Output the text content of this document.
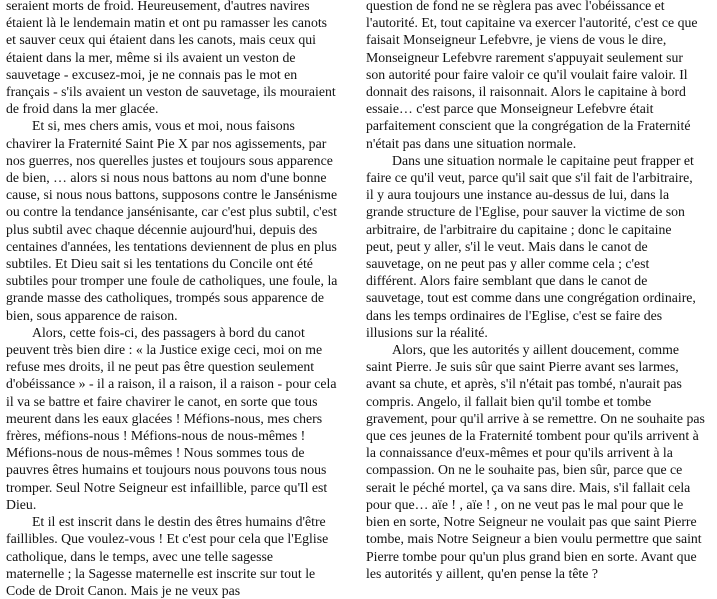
seraient morts de froid. Heureusement, d'autres navires
étaient là le lendemain matin et ont pu ramasser les canots
et sauver ceux qui étaient dans les canots, mais ceux qui
étaient dans la mer, même si ils avaient un veston de
sauvetage - excusez-moi, je ne connais pas le mot en
français - s'ils avaient un veston de sauvetage, ils mouraient
de froid dans la mer glacée.

Et si, mes chers amis, vous et moi, nous faisons
chavirer la Fraternité Saint Pie X par nos agissements, par
nos guerres, nos querelles justes et toujours sous apparence
de bien, … alors si nous nous battons au nom d'une bonne
cause, si nous nous battons, supposons contre le Jansénisme
ou contre la tendance jansénisante, car c'est plus subtil, c'est
plus subtil avec chaque décennie aujourd'hui, depuis des
centaines d'années, les tentations deviennent de plus en plus
subtiles. Et Dieu sait si les tentations du Concile ont été
subtiles pour tromper une foule de catholiques, une foule, la
grande masse des catholiques, trompés sous apparence de
bien, sous apparence de raison.

Alors, cette fois-ci, des passagers à bord du canot
peuvent très bien dire : « la Justice exige ceci, moi on me
refuse mes droits, il ne peut pas être question seulement
d'obéissance » - il a raison, il a raison, il a raison - pour cela
il va se battre et faire chavirer le canot, en sorte que tous
meurent dans les eaux glacées ! Méfions-nous, mes chers
frères, méfions-nous ! Méfions-nous de nous-mêmes !
Méfions-nous de nous-mêmes ! Nous sommes tous de
pauvres êtres humains et toujours nous pouvons tous nous
tromper. Seul Notre Seigneur est infaillible, parce qu'Il est
Dieu.

Et il est inscrit dans le destin des êtres humains d'être
faillibles. Que voulez-vous ! Et c'est pour cela que l'Eglise
catholique, dans le temps, avec une telle sagesse
maternelle ; la Sagesse maternelle est inscrite sur tout le
Code de Droit Canon. Mais je ne veux pas

question de fond ne se règlera pas avec l'obéissance et
l'autorité. Et, tout capitaine va exercer l'autorité, c'est ce que
faisait Monseigneur Lefebvre, je viens de vous le dire,
Monseigneur Lefebvre rarement s'appuyait seulement sur
son autorité pour faire valoir ce qu'il voulait faire valoir. Il
donnait des raisons, il raisonnait. Alors le capitaine à bord
essaie… c'est parce que Monseigneur Lefebvre était
parfaitement conscient que la congrégation de la Fraternité
n'était pas dans une situation normale.

Dans une situation normale le capitaine peut frapper et
faire ce qu'il veut, parce qu'il sait que s'il fait de l'arbitraire,
il y aura toujours une instance au-dessus de lui, dans la
grande structure de l'Eglise, pour sauver la victime de son
arbitraire, de l'arbitraire du capitaine ; donc le capitaine
peut, peut y aller, s'il le veut. Mais dans le canot de
sauvetage, on ne peut pas y aller comme cela ; c'est
différent. Alors faire semblant que dans le canot de
sauvetage, tout est comme dans une congrégation ordinaire,
dans les temps ordinaires de l'Eglise, c'est se faire des
illusions sur la réalité.

Alors, que les autorités y aillent doucement, comme
saint Pierre. Je suis sûr que saint Pierre avant ses larmes,
avant sa chute, et après, s'il n'était pas tombé, n'aurait pas
compris. Angelo, il fallait bien qu'il tombe et tombe
gravement, pour qu'il arrive à se remettre. On ne souhaite pas
que ces jeunes de la Fraternité tombent pour qu'ils arrivent à
la connaissance d'eux-mêmes et pour qu'ils arrivent à la
compassion. On ne le souhaite pas, bien sûr, parce que ce
serait le péché mortel, ça va sans dire. Mais, s'il fallait cela
pour que… aïe ! , aïe ! , on ne veut pas le mal pour que le
bien en sorte, Notre Seigneur ne voulait pas que saint Pierre
tombe, mais Notre Seigneur a bien voulu permettre que saint
Pierre tombe pour qu'un plus grand bien en sorte. Avant que
les autorités y aillent, qu'en pense la tête ?
